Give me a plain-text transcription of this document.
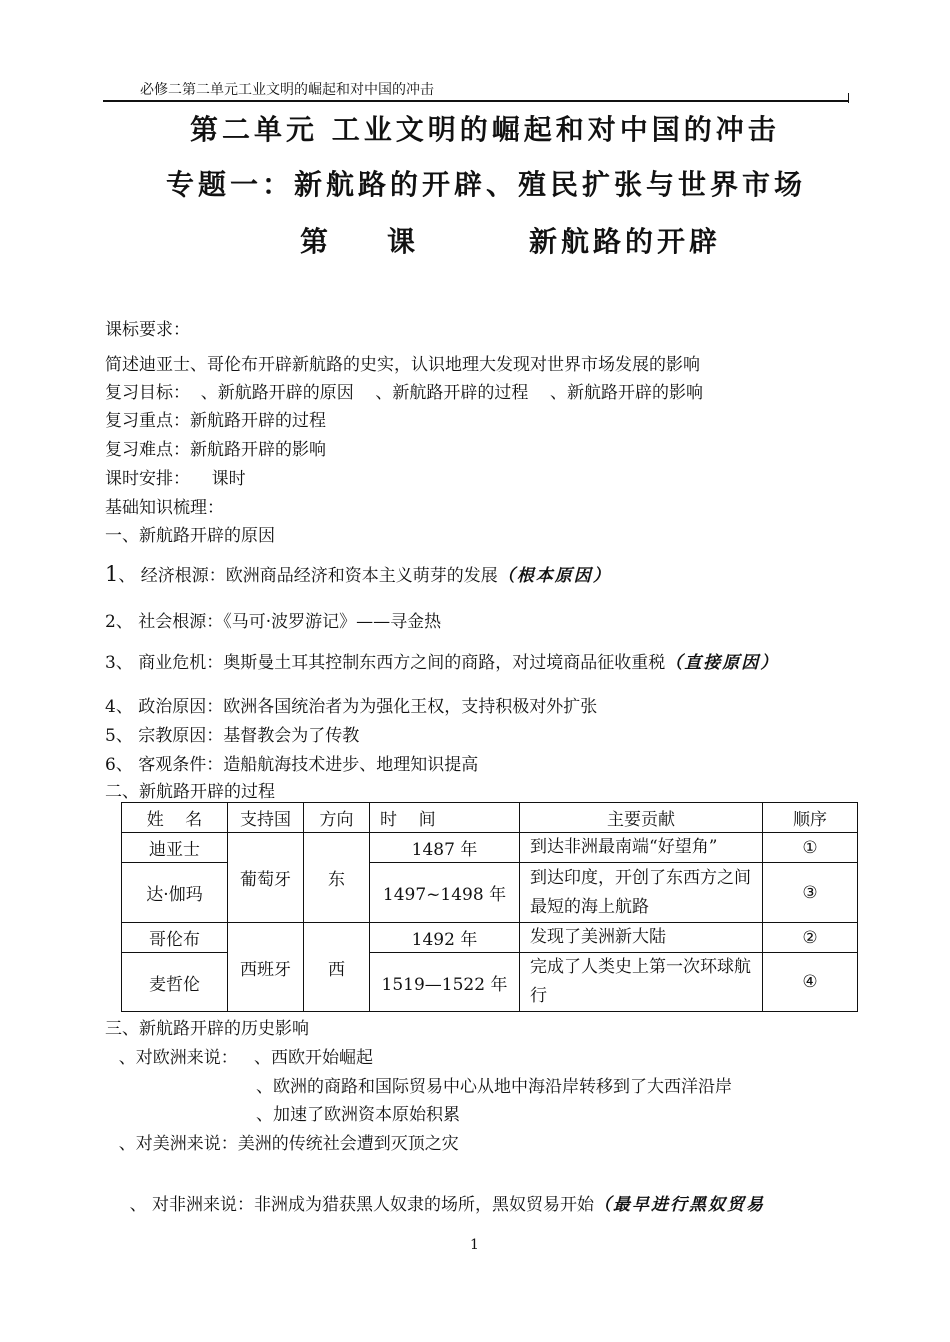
必修二第二单元工业文明的崛起和对中国的冲击
第二单元 工业文明的崛起和对中国的冲击
专题一：新航路的开辟、殖民扩张与世界市场
第    课        新航路的开辟
课标要求：
简述迪亚士、哥伦布开辟新航路的史实，认识地理大发现对世界市场发展的影响
复习目标：  、新航路开辟的原因    、新航路开辟的过程    、新航路开辟的影响
复习重点：新航路开辟的过程
复习难点：新航路开辟的影响
课时安排：    课时
基础知识梳理：
一、新航路开辟的原因
1、 经济根源：欧洲商品经济和资本主义萌芽的发展（根本原因）
2、 社会根源：《马可·波罗游记》——寻金热
3、 商业危机：奥斯曼土耳其控制东西方之间的商路，对过境商品征收重税（直接原因）
4、 政治原因：欧洲各国统治者为为强化王权，支持积极对外扩张
5、 宗教原因：基督教会为了传教
6、 客观条件：造船航海技术进步、地理知识提高
二、新航路开辟的过程
姓    名	支持国	方向	时    间	主要贡献	顺序
迪亚士	葡萄牙	东	1487 年	到达非洲最南端“好望角”	①
达·伽玛			1497~1498 年	到达印度，开创了东西方之间最短的海上航路	③
哥伦布	西班牙	西	1492 年	发现了美洲新大陆	②
麦哲伦			1519—1522 年	完成了人类史上第一次环球航行	④
三、新航路开辟的历史影响
、对欧洲来说：   、西欧开始崛起
、欧洲的商路和国际贸易中心从地中海沿岸转移到了大西洋沿岸
、加速了欧洲资本原始积累
、对美洲来说：美洲的传统社会遭到灭顶之灾

、 对非洲来说：非洲成为猎获黑人奴隶的场所，黑奴贸易开始（最早进行黑奴贸易

1
